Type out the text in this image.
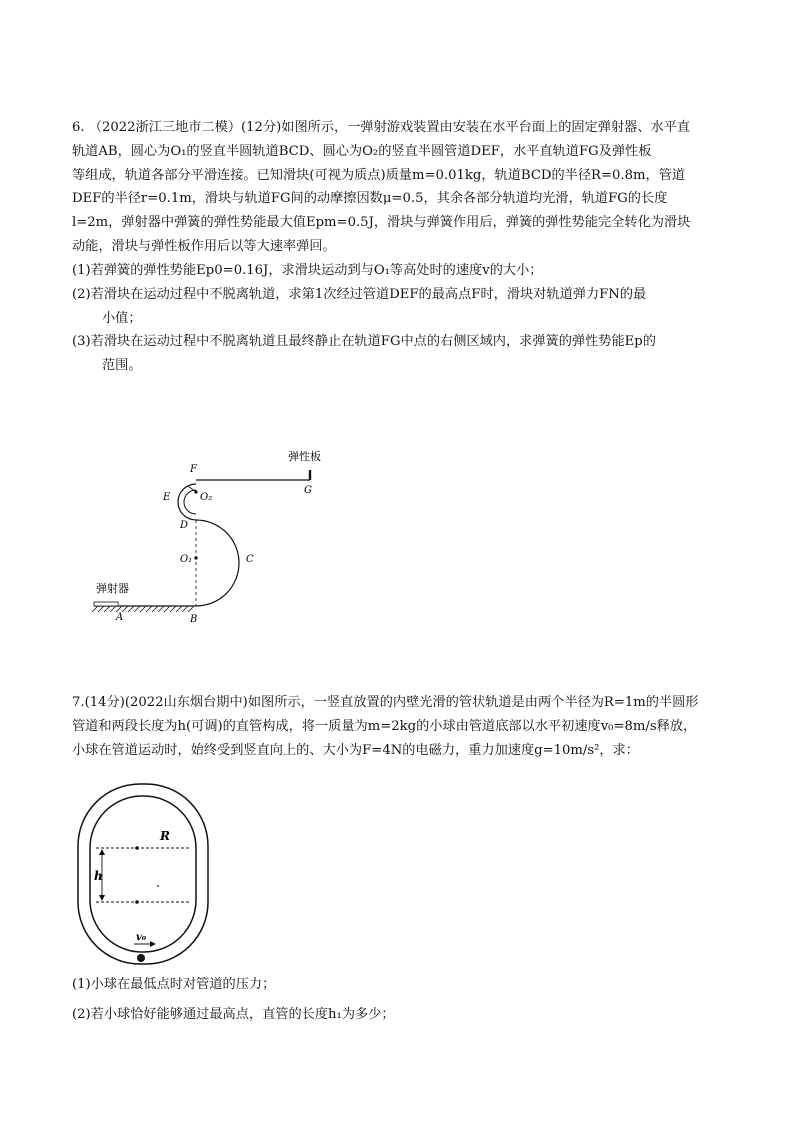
6. （2022浙江三地市二模）(12分)如图所示，一弹射游戏装置由安装在水平台面上的固定弹射器、水平直
轨道AB，圆心为O₁的竖直半圆轨道BCD、圆心为O₂的竖直半圆管道DEF，水平直轨道FG及弹性板
等组成，轨道各部分平滑连接。已知滑块(可视为质点)质量m=0.01kg，轨道BCD的半径R=0.8m，管道
DEF的半径r=0.1m，滑块与轨道FG间的动摩擦因数μ=0.5，其余各部分轨道均光滑，轨道FG的长度
l=2m，弹射器中弹簧的弹性势能最大值Epm=0.5J，滑块与弹簧作用后，弹簧的弹性势能完全转化为滑块
动能，滑块与弹性板作用后以等大速率弹回。
(1)若弹簧的弹性势能Ep0=0.16J，求滑块运动到与O₁等高处时的速度v的大小；
(2)若滑块在运动过程中不脱离轨道，求第1次经过管道DEF的最高点F时，滑块对轨道弹力FN的最
小值；
(3)若滑块在运动过程中不脱离轨道且最终静止在轨道FG中点的右侧区域内，求弹簧的弹性势能Ep的
范围。
弹性板
弹射器
F
G
E	O₂
D
O₁	C
A	B
7.(14分)(2022山东烟台期中)如图所示，一竖直放置的内壁光滑的管状轨道是由两个半径为R=1m的半圆形
管道和两段长度为h(可调)的直管构成，将一质量为m=2kg的小球由管道底部以水平初速度v₀=8m/s释放，
小球在管道运动时，始终受到竖直向上的、大小为F=4N的电磁力，重力加速度g=10m/s²，求：
R
h
v₀
(1)小球在最低点时对管道的压力；
(2)若小球恰好能够通过最高点，直管的长度h₁为多少；
